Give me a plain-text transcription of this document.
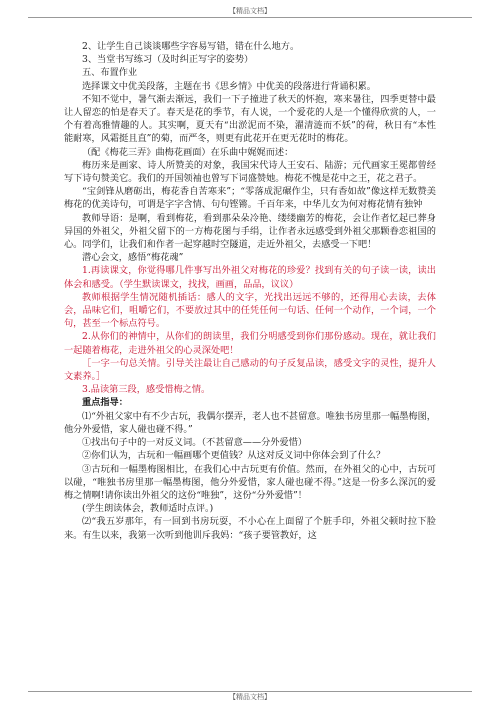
【精品文档】

2、让学生自己谈谈哪些字容易写错，错在什么地方。

3、当堂书写练习（及时纠正写字的姿势）

五、布置作业

选择课文中优美段落，主题在书《思乡情》中优美的段落进行背诵积累。

不知不觉中，暑气渐去渐远，我们一下子撞进了秋天的怀抱，寒来暑往，四季更替中最让人留恋的怕是春天了。春天是花的季节，有人说，一个爱花的人是一个懂得欣赏的人，一个有着高雅情趣的人。其实啊，夏天有“出淤泥而不染，濯清涟而不妖”的荷，秋日有“本性能耐寒，风霜挺且直”的菊，而严冬，则更有此花开在更无花时的梅花。

（配《梅花三弄》曲梅花画面）在乐曲中娓娓而述：

梅历来是画家、诗人所赞美的对象，我国宋代诗人王安石、陆游；元代画家王冕都曾经写下诗句赞美它。我们的开国领袖也曾写下词盛赞她。梅花不愧是花中之王，花之君子。

“宝剑锋从磨砺出，梅花香自苦寒来”；“零落成泥碾作尘，只有香如故”像这样无数赞美梅花的优美诗句，可谓是字字含情、句句铿锵。千百年来，中华儿女为何对梅花情有独钟

教师导语：是啊，看到梅花，看到那朵朵冷艳、缕缕幽芳的梅花，会让作者忆起已葬身异国的外祖父，外祖父留下的一方梅花图与手绢，让作者永远感受到外祖父那颗眷恋祖国的心。同学们，让我们和作者一起穿越时空隧道，走近外祖父，去感受一下吧！

潜心会文，感悟“梅花魂”

1.再读课文，你觉得哪几件事写出外祖父对梅花的珍爱？找到有关的句子读一读，读出体会和感受。（学生默读课文，找找，画画，品品，议议）

教师根据学生情况随机插话：感人的文字，光找出远远不够的，还得用心去读，去体会，品味它们，咀嚼它们，不要放过其中的任凭任何一句话、任何一个动作，一个词，一个句，甚至一个标点符号。

2.从你们的神情中，从你们的朗读里，我们分明感受到你们那份感动。现在，就让我们一起随着梅花，走进外祖父的心灵深处吧！

［一字一句总关情。引导关注最让自己感动的句子反复品读，感受文字的灵性，提升人文素养。］

3.品读第三段，感受惜梅之情。

重点指导：

⑴“外祖父家中有不少古玩，我偶尔摆弄，老人也不甚留意。唯独书房里那一幅墨梅图，他分外爱惜，家人碰也碰不得。”

①找出句子中的一对反义词。（不甚留意——分外爱惜）

②你们认为，古玩和一幅画哪个更值钱？从这对反义词中你体会到了什么？

③古玩和一幅墨梅图相比，在我们心中古玩更有价值。然而，在外祖父的心中，古玩可以碰，“唯独书房里那一幅墨梅图，他分外爱惜，家人碰也碰不得。”这是一份多么深沉的爱梅之情啊!请你读出外祖父的这份“唯独”，这份“分外爱惜”！

(学生朗读体会，教师适时点评。)

⑵“我五岁那年，有一回到书房玩耍，不小心在上面留了个脏手印，外祖父顿时拉下脸来。有生以来，我第一次听到他训斥我妈：“孩子要管教好，这

【精品文档】
